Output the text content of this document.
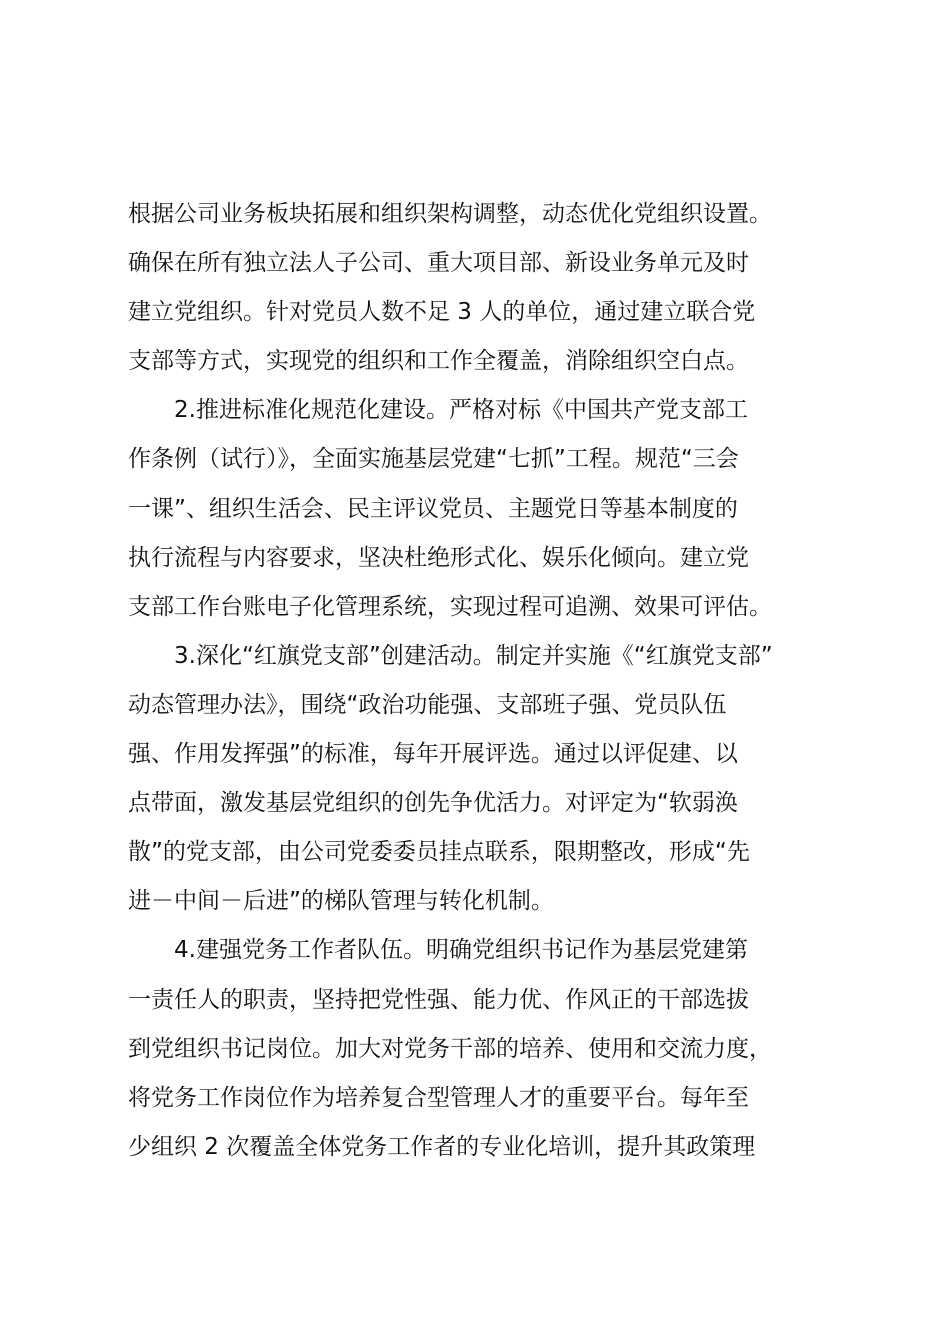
根据公司业务板块拓展和组织架构调整，动态优化党组织设置。
确保在所有独立法人子公司、重大项目部、新设业务单元及时
建立党组织。针对党员人数不足 3 人的单位，通过建立联合党
支部等方式，实现党的组织和工作全覆盖，消除组织空白点。
2.推进标准化规范化建设。严格对标《中国共产党支部工
作条例（试行）》，全面实施基层党建“七抓”工程。规范“三会
一课”、组织生活会、民主评议党员、主题党日等基本制度的
执行流程与内容要求，坚决杜绝形式化、娱乐化倾向。建立党
支部工作台账电子化管理系统，实现过程可追溯、效果可评估。
3.深化“红旗党支部”创建活动。制定并实施《“红旗党支部”
动态管理办法》，围绕“政治功能强、支部班子强、党员队伍
强、作用发挥强”的标准，每年开展评选。通过以评促建、以
点带面，激发基层党组织的创先争优活力。对评定为“软弱涣
散”的党支部，由公司党委委员挂点联系，限期整改，形成“先
进－中间－后进”的梯队管理与转化机制。
4.建强党务工作者队伍。明确党组织书记作为基层党建第
一责任人的职责，坚持把党性强、能力优、作风正的干部选拔
到党组织书记岗位。加大对党务干部的培养、使用和交流力度，
将党务工作岗位作为培养复合型管理人才的重要平台。每年至
少组织 2 次覆盖全体党务工作者的专业化培训，提升其政策理
